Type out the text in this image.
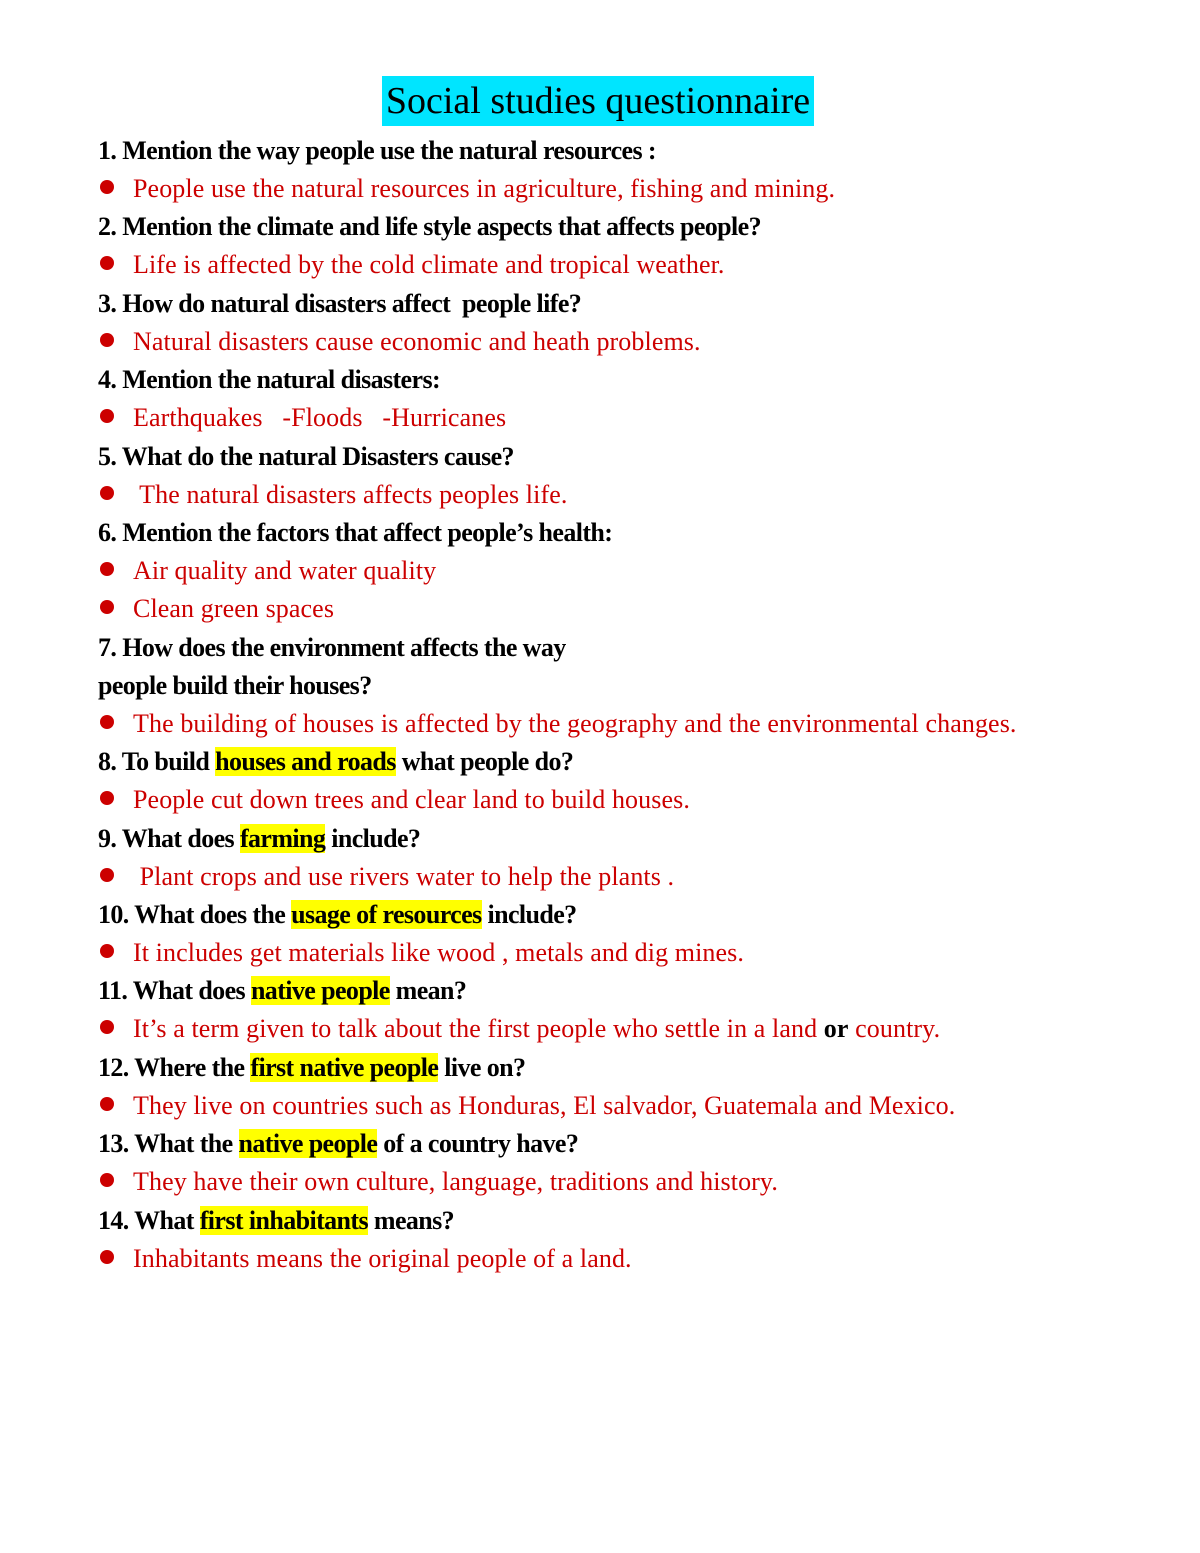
Social studies questionnaire
1. Mention the way people use the natural resources :
People use the natural resources in agriculture, fishing and mining.
2. Mention the climate and life style aspects that affects people?
Life is affected by the cold climate and tropical weather.
3. How do natural disasters affect  people life?
Natural disasters cause economic and heath problems.
4. Mention the natural disasters:
Earthquakes   -Floods   -Hurricanes
5. What do the natural Disasters cause?
The natural disasters affects peoples life.
6. Mention the factors that affect people’s health:
Air quality and water quality
Clean green spaces
7. How does the environment affects the way
people build their houses?
The building of houses is affected by the geography and the environmental changes.
8. To build houses and roads what people do?
People cut down trees and clear land to build houses.
9. What does farming include?
Plant crops and use rivers water to help the plants .
10. What does the usage of resources include?
It includes get materials like wood , metals and dig mines.
11. What does native people mean?
It’s a term given to talk about the first people who settle in a land or country.
12. Where the first native people live on?
They live on countries such as Honduras, El salvador, Guatemala and Mexico.
13. What the native people of a country have?
They have their own culture, language, traditions and history.
14. What first inhabitants means?
Inhabitants means the original people of a land.
